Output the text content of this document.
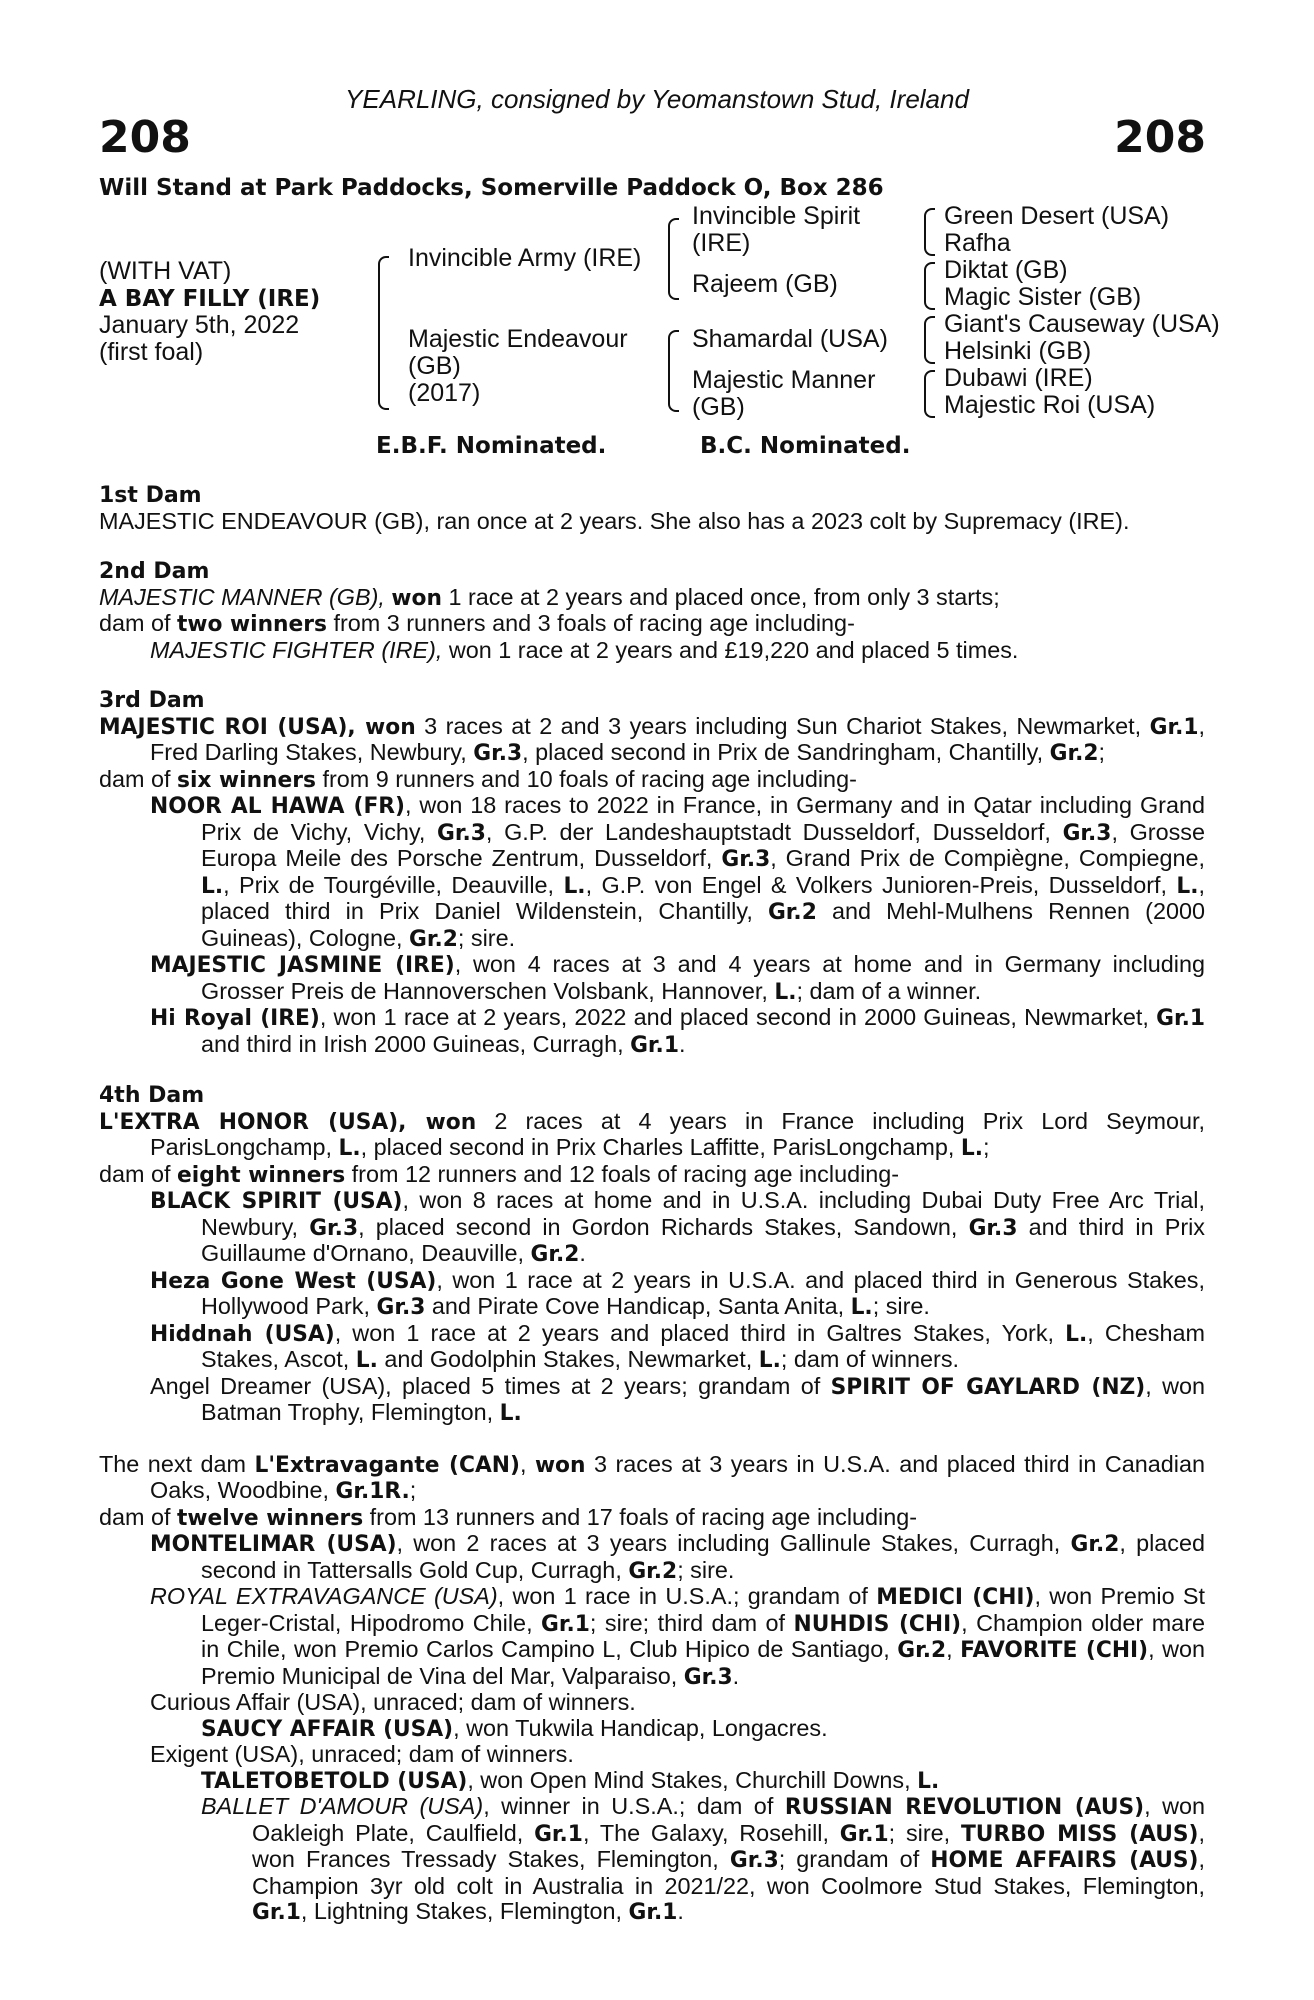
YEARLING, consigned by Yeomanstown Stud, Ireland
208	208
Will Stand at Park Paddocks, Somerville Paddock O, Box 286
(WITH VAT)
A BAY FILLY (IRE)
January 5th, 2022
(first foal)
Invincible Army (IRE)
Majestic Endeavour
(GB)
(2017)
Invincible Spirit
(IRE)
Rajeem (GB)
Shamardal (USA)
Majestic Manner
(GB)
Green Desert (USA)
Rafha
Diktat (GB)
Magic Sister (GB)
Giant's Causeway (USA)
Helsinki (GB)
Dubawi (IRE)
Majestic Roi (USA)
E.B.F. Nominated.	B.C. Nominated.
1st Dam
MAJESTIC ENDEAVOUR (GB), ran once at 2 years. She also has a 2023 colt by Supremacy (IRE).
2nd Dam
MAJESTIC MANNER (GB), won 1 race at 2 years and placed once, from only 3 starts;
dam of two winners from 3 runners and 3 foals of racing age including-
MAJESTIC FIGHTER (IRE), won 1 race at 2 years and £19,220 and placed 5 times.
3rd Dam
MAJESTIC ROI (USA), won 3 races at 2 and 3 years including Sun Chariot Stakes, Newmarket, Gr.1, Fred Darling Stakes, Newbury, Gr.3, placed second in Prix de Sandringham, Chantilly, Gr.2;
dam of six winners from 9 runners and 10 foals of racing age including-
NOOR AL HAWA (FR), won 18 races to 2022 in France, in Germany and in Qatar including Grand Prix de Vichy, Vichy, Gr.3, G.P. der Landeshauptstadt Dusseldorf, Dusseldorf, Gr.3, Grosse Europa Meile des Porsche Zentrum, Dusseldorf, Gr.3, Grand Prix de Compiègne, Compiegne, L., Prix de Tourgéville, Deauville, L., G.P. von Engel & Volkers Junioren-Preis, Dusseldorf, L., placed third in Prix Daniel Wildenstein, Chantilly, Gr.2 and Mehl-Mulhens Rennen (2000 Guineas), Cologne, Gr.2; sire.
MAJESTIC JASMINE (IRE), won 4 races at 3 and 4 years at home and in Germany including Grosser Preis de Hannoverschen Volsbank, Hannover, L.; dam of a winner.
Hi Royal (IRE), won 1 race at 2 years, 2022 and placed second in 2000 Guineas, Newmarket, Gr.1 and third in Irish 2000 Guineas, Curragh, Gr.1.
4th Dam
L'EXTRA HONOR (USA), won 2 races at 4 years in France including Prix Lord Seymour, ParisLongchamp, L., placed second in Prix Charles Laffitte, ParisLongchamp, L.;
dam of eight winners from 12 runners and 12 foals of racing age including-
BLACK SPIRIT (USA), won 8 races at home and in U.S.A. including Dubai Duty Free Arc Trial, Newbury, Gr.3, placed second in Gordon Richards Stakes, Sandown, Gr.3 and third in Prix Guillaume d'Ornano, Deauville, Gr.2.
Heza Gone West (USA), won 1 race at 2 years in U.S.A. and placed third in Generous Stakes, Hollywood Park, Gr.3 and Pirate Cove Handicap, Santa Anita, L.; sire.
Hiddnah (USA), won 1 race at 2 years and placed third in Galtres Stakes, York, L., Chesham Stakes, Ascot, L. and Godolphin Stakes, Newmarket, L.; dam of winners.
Angel Dreamer (USA), placed 5 times at 2 years; grandam of SPIRIT OF GAYLARD (NZ), won Batman Trophy, Flemington, L.
The next dam L'Extravagante (CAN), won 3 races at 3 years in U.S.A. and placed third in Canadian Oaks, Woodbine, Gr.1R.;
dam of twelve winners from 13 runners and 17 foals of racing age including-
MONTELIMAR (USA), won 2 races at 3 years including Gallinule Stakes, Curragh, Gr.2, placed second in Tattersalls Gold Cup, Curragh, Gr.2; sire.
ROYAL EXTRAVAGANCE (USA), won 1 race in U.S.A.; grandam of MEDICI (CHI), won Premio St Leger-Cristal, Hipodromo Chile, Gr.1; sire; third dam of NUHDIS (CHI), Champion older mare in Chile, won Premio Carlos Campino L, Club Hipico de Santiago, Gr.2, FAVORITE (CHI), won Premio Municipal de Vina del Mar, Valparaiso, Gr.3.
Curious Affair (USA), unraced; dam of winners.
SAUCY AFFAIR (USA), won Tukwila Handicap, Longacres.
Exigent (USA), unraced; dam of winners.
TALETOBETOLD (USA), won Open Mind Stakes, Churchill Downs, L.
BALLET D'AMOUR (USA), winner in U.S.A.; dam of RUSSIAN REVOLUTION (AUS), won Oakleigh Plate, Caulfield, Gr.1, The Galaxy, Rosehill, Gr.1; sire, TURBO MISS (AUS), won Frances Tressady Stakes, Flemington, Gr.3; grandam of HOME AFFAIRS (AUS), Champion 3yr old colt in Australia in 2021/22, won Coolmore Stud Stakes, Flemington, Gr.1, Lightning Stakes, Flemington, Gr.1.
